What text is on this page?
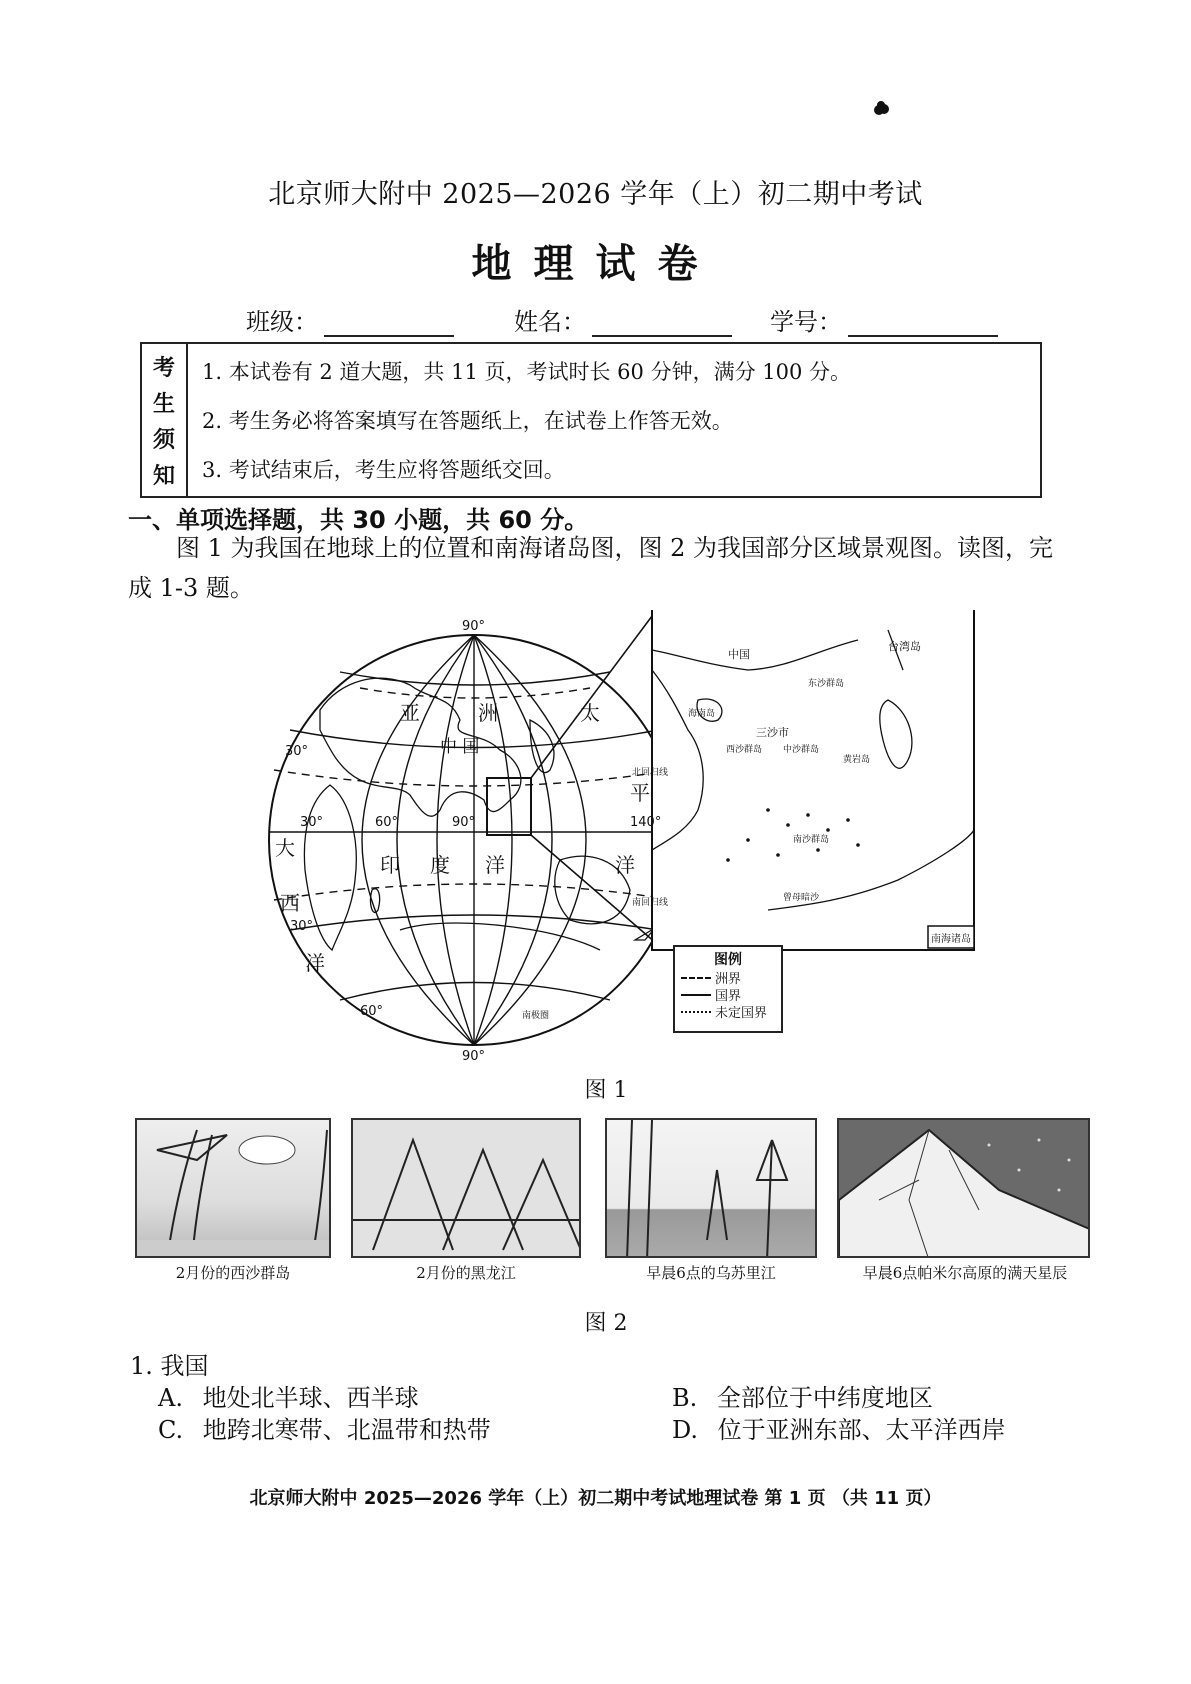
北京师大附中 2025—2026 学年（上）初二期中考试
地理试卷
班级：	姓名：	学号：
考
生
须
知
1. 本试卷有 2 道大题，共 11 页，考试时长 60 分钟，满分 100 分。
2. 考生务必将答案填写在答题纸上，在试卷上作答无效。
3. 考试结束后，考生应将答题纸交回。
一、单项选择题，共 30 小题，共 60 分。
图 1 为我国在地球上的位置和南海诸岛图，图 2 为我国部分区域景观图。读图，完成 1-3 题。
中国
台湾岛
海南岛
东沙群岛
三沙市
西沙群岛 中沙群岛
黄岩岛
南沙群岛
曾母暗沙
南海诸岛
90°
90°
30°	60°	90°	140°
30°
30°
60°
北回归线
南回归线
南极圈
亚	洲
中 国
太
平
洋
印 度 洋
大
西
洋	图例
洲界
国界
未定国界
图 1
2月份的西沙群岛	2月份的黑龙江	早晨6点的乌苏里江	早晨6点帕米尔高原的满天星辰
图 2
1. 我国
A. 地处北半球、西半球	B. 全部位于中纬度地区
C. 地跨北寒带、北温带和热带	D. 位于亚洲东部、太平洋西岸
北京师大附中 2025—2026 学年（上）初二期中考试地理试卷 第 1 页 （共 11 页）
